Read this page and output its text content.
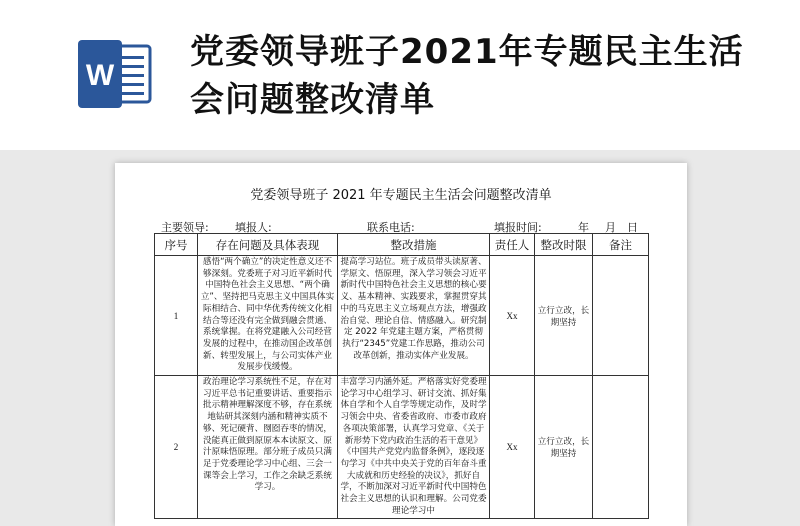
W
党委领导班子2021年专题民主生活会问题整改清单
党委领导班子 2021 年专题民主生活会问题整改清单
主要领导: 填报人:	联系电话:	填报时间:	年 月 日
序号	存在问题及具体表现	整改措施	责任人	整改时限	备注
1	感悟“两个确立”的决定性意义还不够深刻。党委班子对习近平新时代中国特色社会主义思想、“两个确立”、坚持把马克思主义中国具体实际相结合、同中华优秀传统文化相结合等还没有完全做到融会贯通、系统掌握。在将党建融入公司经营发展的过程中，在推动国企改革创新、转型发展上，与公司实体产业发展步伐缓慢。	提高学习站位。班子成员带头读原著、学原文、悟原理，深入学习领会习近平新时代中国特色社会主义思想的核心要义、基本精神、实践要求，掌握贯穿其中的马克思主义立场观点方法，增强政治自觉、理论自信、情感融入。研究制定 2022 年党建主题方案，严格贯彻执行“2345”党建工作思路，推动公司改革创新，推动实体产业发展。	Xx	立行立改，长期坚持	
2	政治理论学习系统性不足，存在对习近平总书记重要讲话、重要指示批示精神理解深度不够，存在系统地钻研其深刻内涵和精神实质不够、死记硬背、囫囵吞枣的情况，没能真正做到原原本本读原文、原汁原味悟原理。部分班子成员只满足于党委理论学习中心组、三会一课等会上学习，工作之余缺乏系统学习。	丰富学习内涵外延。严格落实好党委理论学习中心组学习、研讨交流、抓好集体自学和个人自学等规定动作，及时学习领会中央、省委省政府、市委市政府各项决策部署，认真学习党章、《关于新形势下党内政治生活的若干意见》《中国共产党党内监督条例》，逐段逐句学习《中共中央关于党的百年奋斗重大成就和历史经验的决议》，抓好自学，不断加深对习近平新时代中国特色社会主义思想的认识和理解。公司党委理论学习中	Xx	立行立改，长期坚持	
